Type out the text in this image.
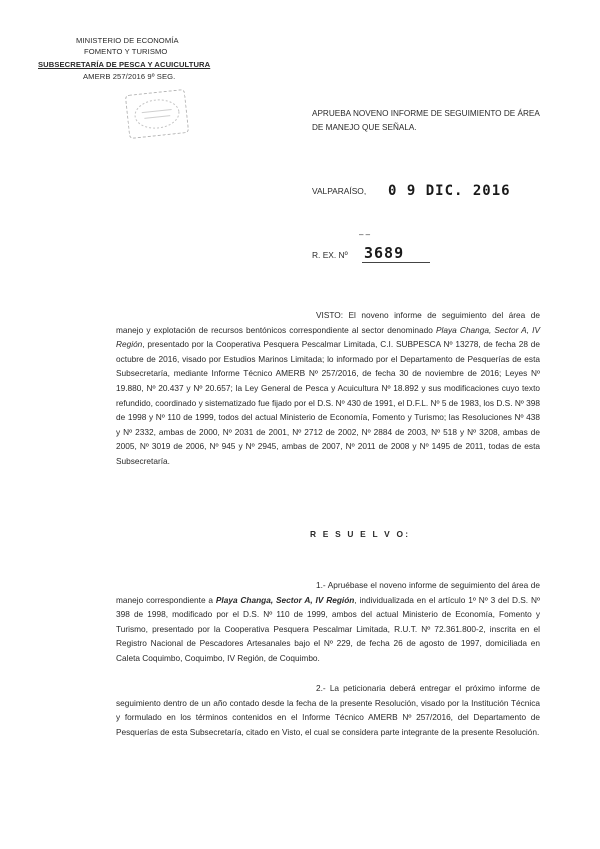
MINISTERIO DE ECONOMÍA
FOMENTO Y TURISMO
SUBSECRETARÍA DE PESCA Y ACUICULTURA
AMERB 257/2016 9º SEG.
APRUEBA NOVENO INFORME DE SEGUIMIENTO DE ÁREA DE MANEJO QUE SEÑALA.
VALPARAÍSO, 0 9 DIC. 2016
‒ ‒
R. EX. Nº 3689
VISTO: El noveno informe de seguimiento del área de manejo y explotación de recursos bentónicos correspondiente al sector denominado Playa Changa, Sector A, IV Región, presentado por la Cooperativa Pesquera Pescalmar Limitada, C.I. SUBPESCA Nº 13278, de fecha 28 de octubre de 2016, visado por Estudios Marinos Limitada; lo informado por el Departamento de Pesquerías de esta Subsecretaría, mediante Informe Técnico AMERB Nº 257/2016, de fecha 30 de noviembre de 2016; Leyes Nº 19.880, Nº 20.437 y Nº 20.657; la Ley General de Pesca y Acuicultura Nº 18.892 y sus modificaciones cuyo texto refundido, coordinado y sistematizado fue fijado por el D.S. Nº 430 de 1991, el D.F.L. Nº 5 de 1983, los D.S. Nº 398 de 1998 y Nº 110 de 1999, todos del actual Ministerio de Economía, Fomento y Turismo; las Resoluciones Nº 438 y Nº 2332, ambas de 2000, Nº 2031 de 2001, Nº 2712 de 2002, Nº 2884 de 2003, Nº 518 y Nº 3208, ambas de 2005, Nº 3019 de 2006, Nº 945 y Nº 2945, ambas de 2007, Nº 2011 de 2008 y Nº 1495 de 2011, todas de esta Subsecretaría.
R E S U E L V O:
1.- Apruébase el noveno informe de seguimiento del área de manejo correspondiente a Playa Changa, Sector A, IV Región, individualizada en el artículo 1º Nº 3 del D.S. Nº 398 de 1998, modificado por el D.S. Nº 110 de 1999, ambos del actual Ministerio de Economía, Fomento y Turismo, presentado por la Cooperativa Pesquera Pescalmar Limitada, R.U.T. Nº 72.361.800-2, inscrita en el Registro Nacional de Pescadores Artesanales bajo el Nº 229, de fecha 26 de agosto de 1997, domiciliada en Caleta Coquimbo, Coquimbo, IV Región, de Coquimbo.
2.- La peticionaria deberá entregar el próximo informe de seguimiento dentro de un año contado desde la fecha de la presente Resolución, visado por la Institución Técnica y formulado en los términos contenidos en el Informe Técnico AMERB Nº 257/2016, del Departamento de Pesquerías de esta Subsecretaría, citado en Visto, el cual se considera parte integrante de la presente Resolución.
